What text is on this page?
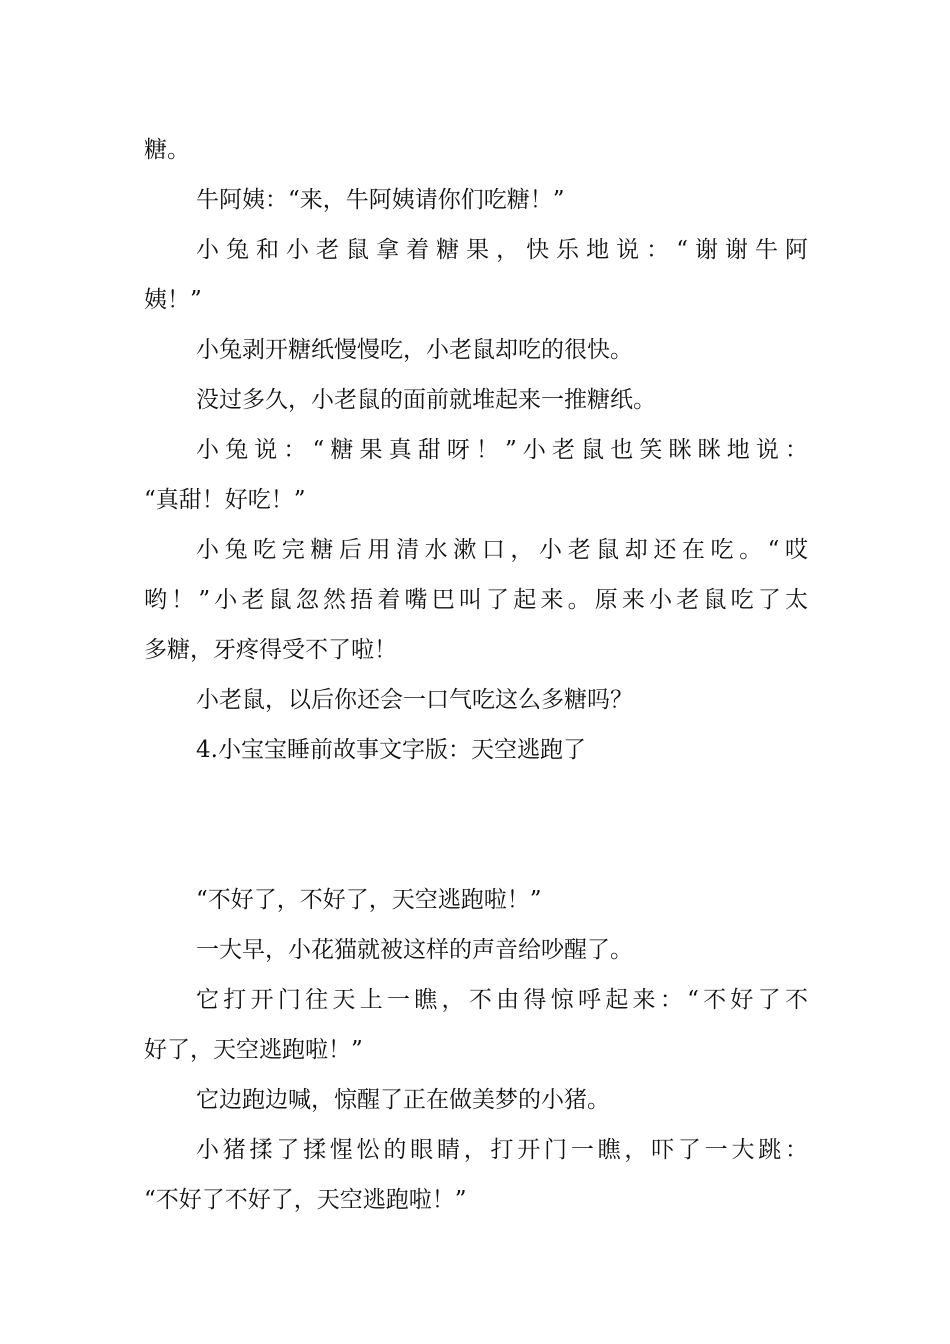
糖。
牛阿姨：“来，牛阿姨请你们吃糖！”
小兔和小老鼠拿着糖果，快乐地说：“谢谢牛阿
姨！”
小兔剥开糖纸慢慢吃，小老鼠却吃的很快。
没过多久，小老鼠的面前就堆起来一推糖纸。
小兔说：“糖果真甜呀！”小老鼠也笑眯眯地说：
“真甜！好吃！”
小兔吃完糖后用清水漱口，小老鼠却还在吃。“哎
哟！”小老鼠忽然捂着嘴巴叫了起来。原来小老鼠吃了太
多糖，牙疼得受不了啦！
小老鼠，以后你还会一口气吃这么多糖吗？
4.小宝宝睡前故事文字版：天空逃跑了
“不好了，不好了，天空逃跑啦！”
一大早，小花猫就被这样的声音给吵醒了。
它打开门往天上一瞧，不由得惊呼起来：“不好了不
好了，天空逃跑啦！”
它边跑边喊，惊醒了正在做美梦的小猪。
小猪揉了揉惺忪的眼睛，打开门一瞧，吓了一大跳：
“不好了不好了，天空逃跑啦！”
